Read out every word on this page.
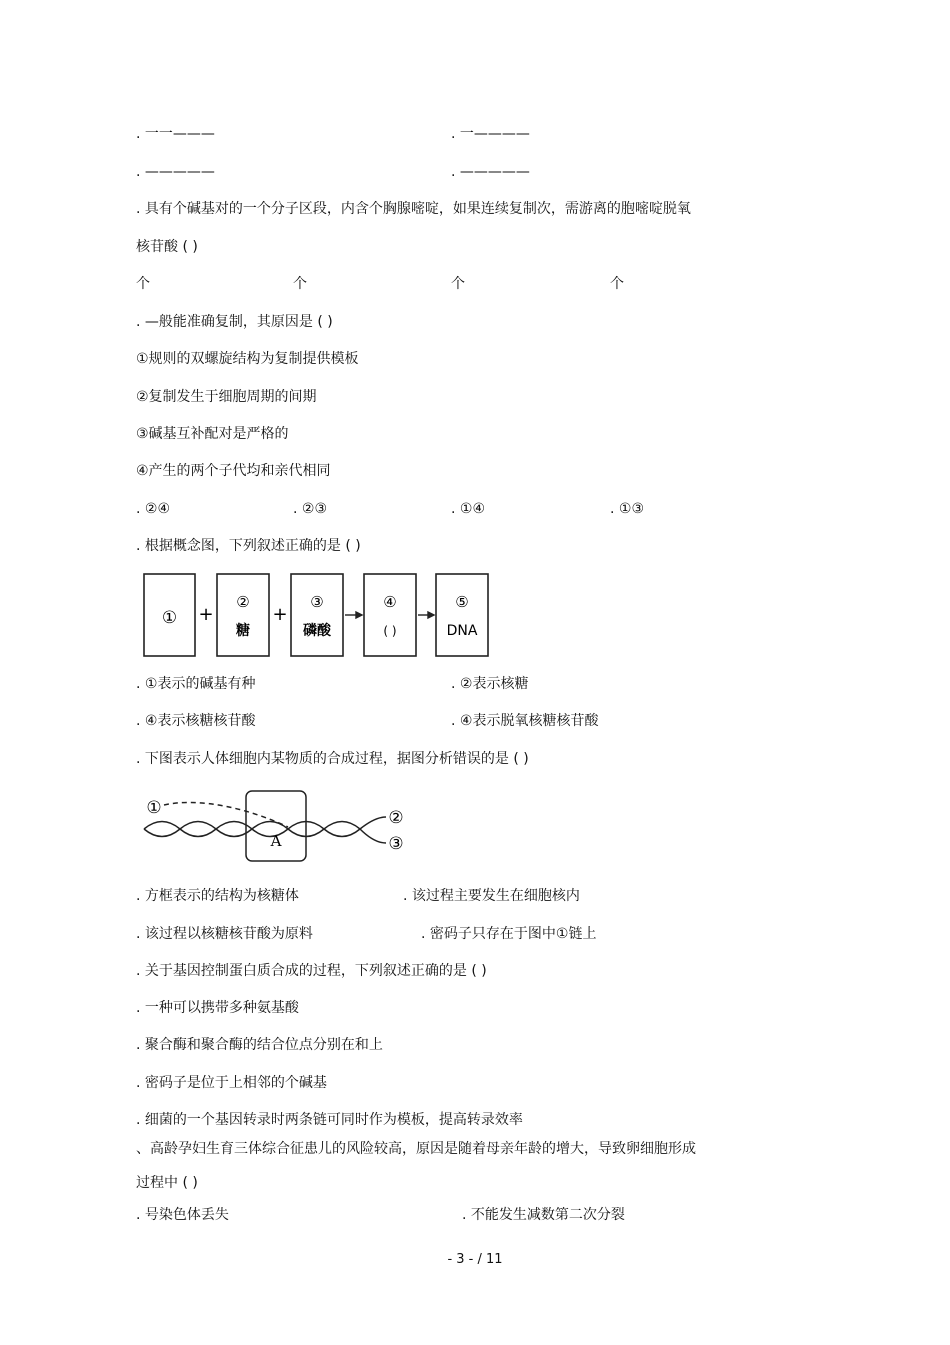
. 一一———	. 一————
. —————	. —————
. 具有个碱基对的一个分子区段，内含个胸腺嘧啶，如果连续复制次，需游离的胞嘧啶脱氧
核苷酸 ( )
个	个	个	个
. —般能准确复制，其原因是 ( )
①规则的双螺旋结构为复制提供模板
②复制发生于细胞周期的间期
③碱基互补配对是严格的
④产生的两个子代均和亲代相同
. ②④	. ②③	. ①④	. ①③
. 根据概念图，下列叙述正确的是 ( )
① +
②
糖
+
③
磷酸
④
( )
⑤
DNA
. ①表示的碱基有种	. ②表示核糖
. ④表示核糖核苷酸	. ④表示脱氧核糖核苷酸
. 下图表示人体细胞内某物质的合成过程，据图分析错误的是 ( )
①
A
②
③
. 方框表示的结构为核糖体	. 该过程主要发生在细胞核内
. 该过程以核糖核苷酸为原料	. 密码子只存在于图中①链上
. 关于基因控制蛋白质合成的过程，下列叙述正确的是 ( )
. 一种可以携带多种氨基酸
. 聚合酶和聚合酶的结合位点分别在和上
. 密码子是位于上相邻的个碱基
. 细菌的一个基因转录时两条链可同时作为模板，提高转录效率
、高龄孕妇生育三体综合征患儿的风险较高，原因是随着母亲年龄的增大，导致卵细胞形成
过程中 ( )
. 号染色体丢失	. 不能发生减数第二次分裂
- 3 - / 11
